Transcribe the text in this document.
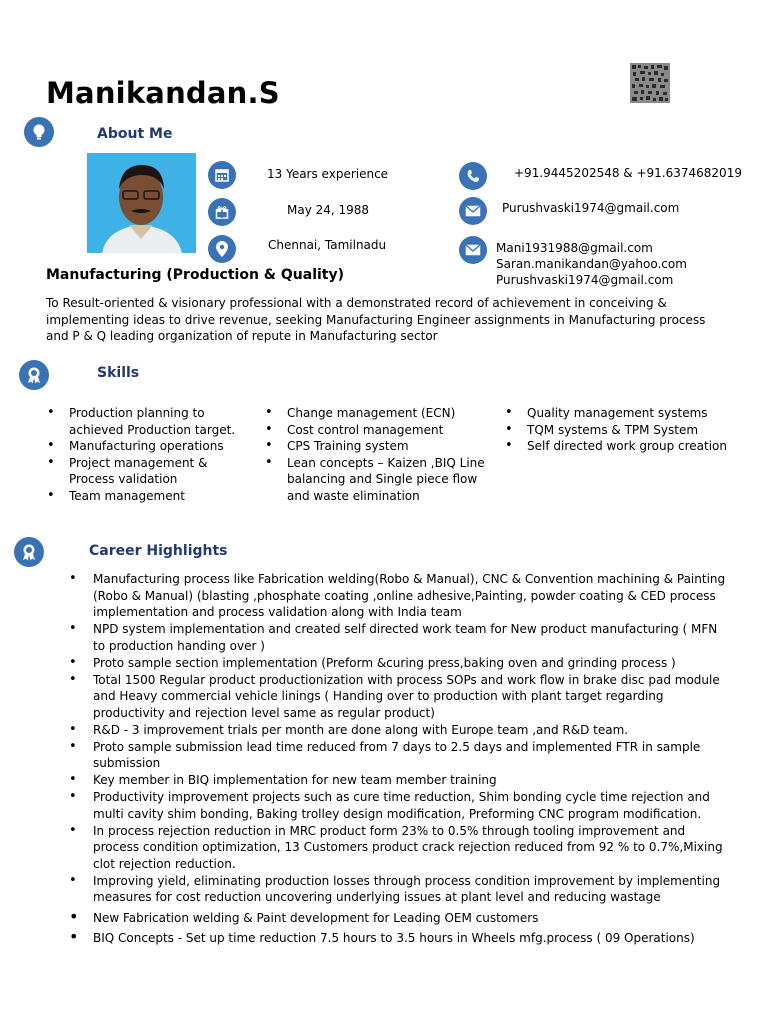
Manikandan.S
About Me
13 Years experience
May 24, 1988
Chennai, Tamilnadu
+91.9445202548 & +91.6374682019
Purushvaski1974@gmail.com
Mani1931988@gmail.com
Saran.manikandan@yahoo.com
Purushvaski1974@gmail.com
Manufacturing (Production & Quality)
To Result-oriented & visionary professional with a demonstrated record of achievement in conceiving & implementing ideas to drive revenue, seeking Manufacturing Engineer assignments in Manufacturing process and P & Q leading organization of repute in Manufacturing sector
Skills
• Production planning to achieved Production target.
• Manufacturing operations
• Project management & Process validation
• Team management
• Change management (ECN)
• Cost control management
• CPS Training system
• Lean concepts – Kaizen ,BIQ Line balancing and Single piece flow and waste elimination
• Quality management systems
• TQM systems & TPM System
• Self directed work group creation
Career Highlights
• Manufacturing process like Fabrication welding(Robo & Manual), CNC & Convention machining & Painting (Robo & Manual) (blasting ,phosphate coating ,online adhesive,Painting, powder coating & CED process implementation and process validation along with India team
• NPD system implementation and created self directed work team for New product manufacturing ( MFN to production handing over )
• Proto sample section implementation (Preform &curing press,baking oven and grinding process )
• Total 1500 Regular product productionization with process SOPs and work flow in brake disc pad module and Heavy commercial vehicle linings ( Handing over to production with plant target regarding productivity and rejection level same as regular product)
• R&D - 3 improvement trials per month are done along with Europe team ,and R&D team.
• Proto sample submission lead time reduced from 7 days to 2.5 days and implemented FTR in sample submission
• Key member in BIQ implementation for new team member training
• Productivity improvement projects such as cure time reduction, Shim bonding cycle time rejection and multi cavity shim bonding, Baking trolley design modification, Preforming CNC program modification.
• In process rejection reduction in MRC product form 23% to 0.5% through tooling improvement and process condition optimization, 13 Customers product crack rejection reduced from 92 % to 0.7%,Mixing clot rejection reduction.
• Improving yield, eliminating production losses through process condition improvement by implementing measures for cost reduction uncovering underlying issues at plant level and reducing wastage
• New Fabrication welding & Paint development for Leading OEM customers
• BIQ Concepts - Set up time reduction 7.5 hours to 3.5 hours in Wheels mfg.process ( 09 Operations)
